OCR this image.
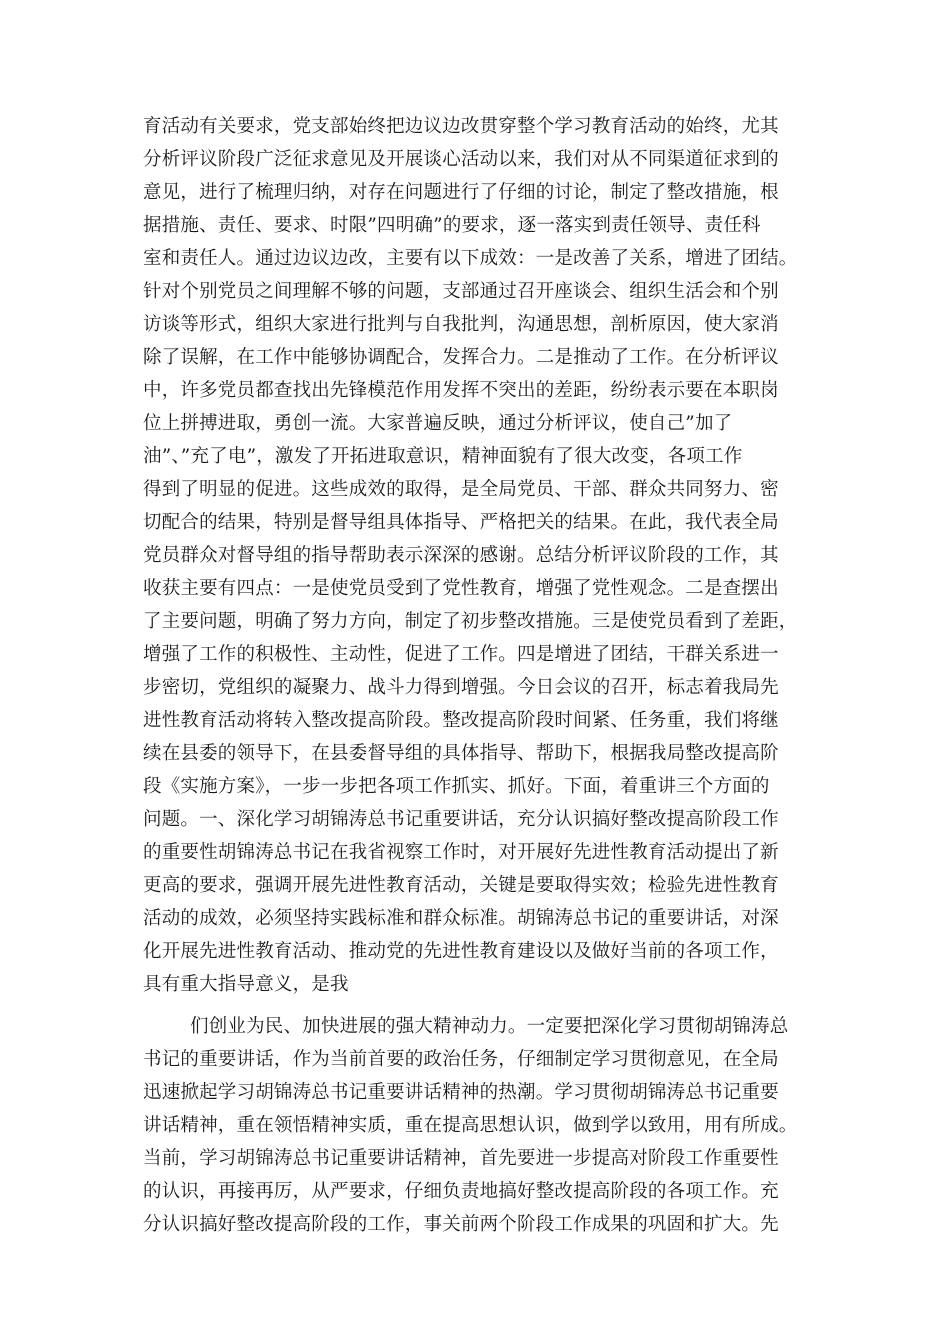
育活动有关要求，党支部始终把边议边改贯穿整个学习教育活动的始终，尤其
分析评议阶段广泛征求意见及开展谈心活动以来，我们对从不同渠道征求到的
意见，进行了梳理归纳，对存在问题进行了仔细的讨论，制定了整改措施，根
据措施、责任、要求、时限”四明确”的要求，逐一落实到责任领导、责任科
室和责任人。通过边议边改，主要有以下成效：一是改善了关系，增进了团结。
针对个别党员之间理解不够的问题，支部通过召开座谈会、组织生活会和个别
访谈等形式，组织大家进行批判与自我批判，沟通思想，剖析原因，使大家消
除了误解，在工作中能够协调配合，发挥合力。二是推动了工作。在分析评议
中，许多党员都查找出先锋模范作用发挥不突出的差距，纷纷表示要在本职岗
位上拼搏进取，勇创一流。大家普遍反映，通过分析评议，使自己”加了
油”、”充了电”，激发了开拓进取意识，精神面貌有了很大改变，各项工作
得到了明显的促进。这些成效的取得，是全局党员、干部、群众共同努力、密
切配合的结果，特别是督导组具体指导、严格把关的结果。在此，我代表全局
党员群众对督导组的指导帮助表示深深的感谢。总结分析评议阶段的工作，其
收获主要有四点：一是使党员受到了党性教育，增强了党性观念。二是查摆出
了主要问题，明确了努力方向，制定了初步整改措施。三是使党员看到了差距，
增强了工作的积极性、主动性，促进了工作。四是增进了团结，干群关系进一
步密切，党组织的凝聚力、战斗力得到增强。今日会议的召开，标志着我局先
进性教育活动将转入整改提高阶段。整改提高阶段时间紧、任务重，我们将继
续在县委的领导下，在县委督导组的具体指导、帮助下，根据我局整改提高阶
段《实施方案》，一步一步把各项工作抓实、抓好。下面，着重讲三个方面的
问题。一、深化学习胡锦涛总书记重要讲话，充分认识搞好整改提高阶段工作
的重要性胡锦涛总书记在我省视察工作时，对开展好先进性教育活动提出了新
更高的要求，强调开展先进性教育活动，关键是要取得实效；检验先进性教育
活动的成效，必须坚持实践标准和群众标准。胡锦涛总书记的重要讲话，对深
化开展先进性教育活动、推动党的先进性教育建设以及做好当前的各项工作，
具有重大指导意义，是我
们创业为民、加快进展的强大精神动力。一定要把深化学习贯彻胡锦涛总
书记的重要讲话，作为当前首要的政治任务，仔细制定学习贯彻意见，在全局
迅速掀起学习胡锦涛总书记重要讲话精神的热潮。学习贯彻胡锦涛总书记重要
讲话精神，重在领悟精神实质，重在提高思想认识，做到学以致用，用有所成。
当前，学习胡锦涛总书记重要讲话精神，首先要进一步提高对阶段工作重要性
的认识，再接再厉，从严要求，仔细负责地搞好整改提高阶段的各项工作。充
分认识搞好整改提高阶段的工作，事关前两个阶段工作成果的巩固和扩大。先
